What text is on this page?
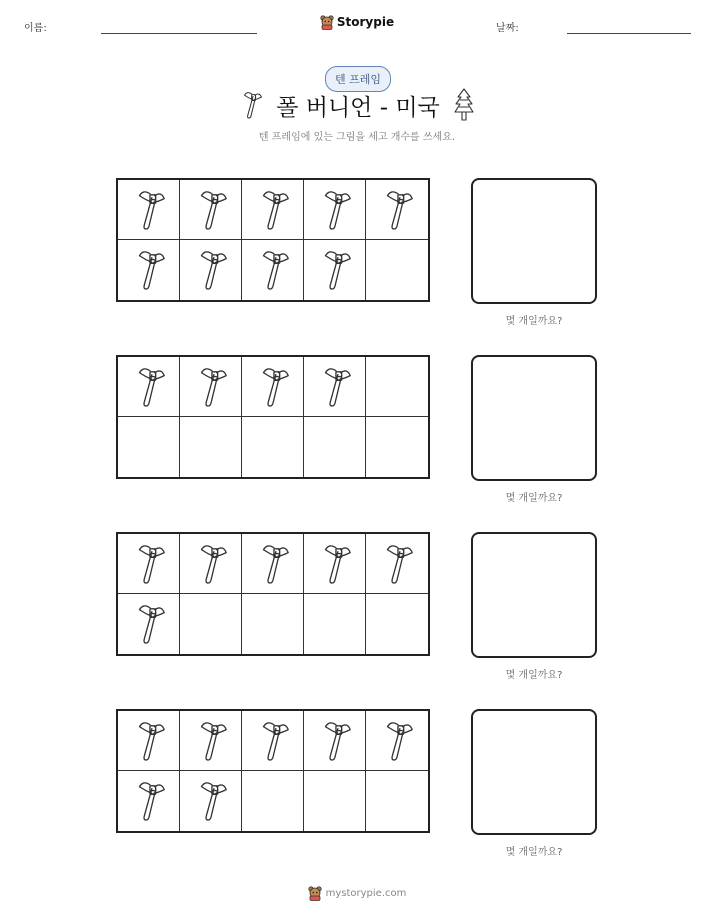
이름:	Storypie	날짜:
텐 프레임
폴 버니언 - 미국
텐 프레임에 있는 그림을 세고 개수를 쓰세요.
몇 개일까요?
몇 개일까요?
몇 개일까요?
몇 개일까요?
mystorypie.com
